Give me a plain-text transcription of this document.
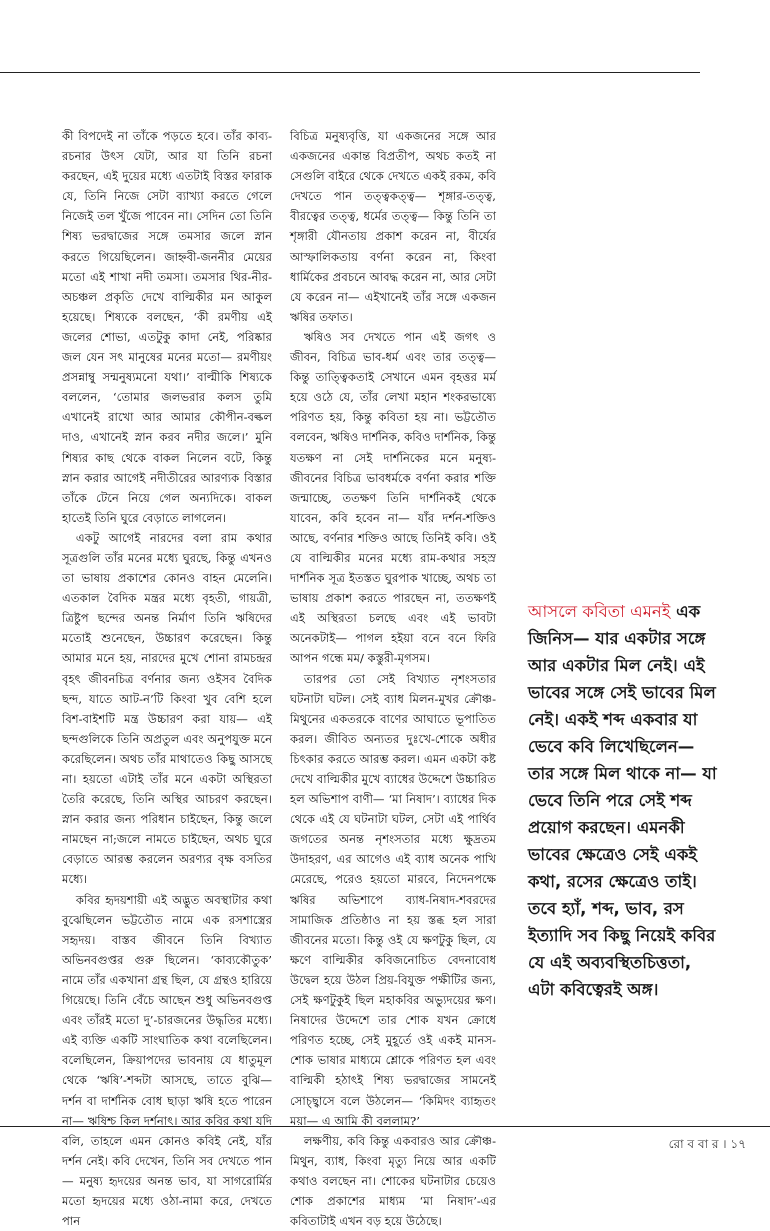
কী বিপদেই না তাঁকে পড়তে হবে। তাঁর কাব্য-রচনার উৎস যেটা, আর যা তিনি রচনা করছেন, এই দুয়ের মধ্যে এতটাই বিস্তর ফারাক যে, তিনি নিজে সেটা ব্যাখ্যা করতে গেলে নিজেই তল খুঁজে পাবেন না। সেদিন তো তিনি শিষ্য ভরদ্বাজের সঙ্গে তমসার জলে স্নান করতে গিয়েছিলেন। জাহ্নবী-জননীর মেয়ের মতো এই শাখা নদী তমসা। তমসার থির-নীর-অচঞ্চল প্রকৃতি দেখে বাল্মিকীর মন আকুল হয়েছে। শিষ্যকে বলছেন, ‘কী রমণীয় এই জলের শোভা, এতটুকু কাদা নেই, পরিষ্কার জল যেন সৎ মানুষের মনের মতো— রমণীয়ং প্রসন্নাম্বু সন্মনুষ্যমনো যথা।’ বাল্মীকি শিষ্যকে বললেন, ‘তোমার জলভরার কলস তুমি এখানেই রাখো আর আমার কৌপীন-বল্কল দাও, এখানেই স্নান করব নদীর জলে।’ মুনি শিষ্যর কাছ থেকে বাকল নিলেন বটে, কিন্তু স্নান করার আগেই নদীতীরের আরণ্যক বিস্তার তাঁকে টেনে নিয়ে গেল অন্যদিকে। বাকল হাতেই তিনি ঘুরে বেড়াতে লাগলেন।

একটু আগেই নারদের বলা রাম কথার সূত্রগুলি তাঁর মনের মধ্যে ঘুরছে, কিন্তু এখনও তা ভাষায় প্রকাশের কোনও বাহন মেলেনি। এতকাল বৈদিক মন্ত্রর মধ্যে বৃহতী, গায়ত্রী, ত্রিষ্টুপ ছন্দের অনন্ত নির্মাণ তিনি ঋষিদের মতোই শুনেছেন, উচ্চারণ করেছেন। কিন্তু আমার মনে হয়, নারদের মুখে শোনা রামচন্দ্রর বৃহৎ জীবনচিত্র বর্ণনার জন্য ওইসব বৈদিক ছন্দ, যাতে আট-ন’টি কিংবা খুব বেশি হলে বিশ-বাইশটি মন্ত্র উচ্চারণ করা যায়— এই ছন্দগুলিকে তিনি অপ্রতুল এবং অনুপযুক্ত মনে করেছিলেন। অথচ তাঁর মাথাতেও কিছু আসছে না। হয়তো এটাই তাঁর মনে একটা অস্থিরতা তৈরি করেছে, তিনি অস্থির আচরণ করছেন। স্নান করার জন্য পরিধান চাইছেন, কিন্তু জলে নামছেন না;জলে নামতে চাইছেন, অথচ ঘুরে বেড়াতে আরম্ভ করলেন অরণ্যর বৃক্ষ বসতির মধ্যে।

কবির হৃদয়শায়ী এই অদ্ভুত অবস্থাটার কথা বুঝেছিলেন ভট্টতৌত নামে এক রসশাস্ত্রের সহৃদয়। বাস্তব জীবনে তিনি বিখ্যাত অভিনবগুপ্তর গুরু ছিলেন। ‘কাব্যকৌতুক’ নামে তাঁর একখানা গ্রন্থ ছিল, যে গ্রন্থও হারিয়ে গিয়েছে। তিনি বেঁচে আছেন শুধু অভিনবগুপ্ত এবং তাঁরই মতো দু’-চারজনের উদ্ধৃতির মধ্যে। এই ব্যক্তি একটি সাংঘাতিক কথা বলেছিলেন। বলেছিলেন, ক্রিয়াপদের ভাবনায় যে ধাতুমূল থেকে ‘ঋষি’-শব্দটা আসছে, তাতে বুঝি— দর্শন বা দার্শনিক বোধ ছাড়া ঋষি হতে পারেন না— ঋষিশ্চ কিল দর্শনাৎ। আর কবির কথা যদি বলি, তাহলে এমন কোনও কবিই নেই, যাঁর দর্শন নেই। কবি দেখেন, তিনি সব দেখতে পান— মনুষ্য হৃদয়ের অনন্ত ভাব, যা সাগরোর্মির মতো হৃদয়ের মধ্যে ওঠা-নামা করে, দেখতে পান

বিচিত্র মনুষ্যবৃত্তি, যা একজনের সঙ্গে আর একজনের একান্ত বিপ্রতীপ, অথচ কতই না সেগুলি বাইরে থেকে দেখতে একই রকম, কবি দেখতে পান তত্ত্বকত্ত্ব— শৃঙ্গার-তত্ত্ব, বীরত্বের তত্ত্ব, ধর্মের তত্ত্ব— কিন্তু তিনি তা শৃঙ্গারী যৌনতায় প্রকাশ করেন না, বীর্যের আস্ফালিকতায় বর্ণনা করেন না, কিংবা ধার্মিকের প্রবচনে আবদ্ধ করেন না, আর সেটা যে করেন না— এইখানেই তাঁর সঙ্গে একজন ঋষির তফাত।

ঋষিও সব দেখতে পান এই জগৎ ও জীবন, বিচিত্র ভাব-ধর্ম এবং তার তত্ত্ব— কিন্তু তাত্ত্বিকতাই সেখানে এমন বৃহত্তর মর্ম হয়ে ওঠে যে, তাঁর লেখা মহান শংকরভাষ্যে পরিণত হয়, কিন্তু কবিতা হয় না। ভট্টতৌত বলবেন, ঋষিও দার্শনিক, কবিও দার্শনিক, কিন্তু যতক্ষণ না সেই দার্শনিকের মনে মনুষ্য-জীবনের বিচিত্র ভাবধর্মকে বর্ণনা করার শক্তি জন্মাচ্ছে, ততক্ষণ তিনি দার্শনিকই থেকে যাবেন, কবি হবেন না— যাঁর দর্শন-শক্তিও আছে, বর্ণনার শক্তিও আছে তিনিই কবি। ওই যে বাল্মিকীর মনের মধ্যে রাম-কথার সহস্র দার্শনিক সূত্র ইতস্তত ঘুরপাক খাচ্ছে, অথচ তা ভাষায় প্রকাশ করতে পারছেন না, ততক্ষণই এই অস্থিরতা চলছে এবং এই ভাবটা অনেকটাই— পাগল হইয়া বনে বনে ফিরি আপন গন্ধে মম/ কস্তুরী-মৃগসম।

তারপর তো সেই বিখ্যাত নৃশংসতার ঘটনাটা ঘটল। সেই ব্যাধ মিলন-মুখর ক্রৌঞ্চ-মিথুনের একতরকে বাণের আঘাতে ভূপাতিত করল। জীবিত অন্যতর দুঃখে-শোকে অধীর চিৎকার করতে আরম্ভ করল। এমন একটা কষ্ট দেখে বাল্মিকীর মুখে ব্যাধের উদ্দেশে উচ্চারিত হল অভিশাপ বাণী— ‘মা নিষাদ’। ব্যাধের দিক থেকে এই যে ঘটনাটা ঘটল, সেটা এই পার্থিব জগতের অনন্ত নৃশংসতার মধ্যে ক্ষুদ্রতম উদাহরণ, এর আগেও এই ব্যাধ অনেক পাখি মেরেছে, পরেও হয়তো মারবে, নিদেনপক্ষে ঋষির অভিশাপে ব্যাধ-নিষাদ-শবরদের সামাজিক প্রতিষ্ঠাও না হয় স্তব্ধ হল সারা জীবনের মতো। কিন্তু ওই যে ক্ষণটুকু ছিল, যে ক্ষণে বাল্মিকীর কবিজনোচিত বেদনাবোধ উদ্বেল হয়ে উঠল প্রিয়-বিযুক্ত পক্ষীটির জন্য, সেই ক্ষণটুকুই ছিল মহাকবির অভ্যুদয়ের ক্ষণ। নিষাদের উদ্দেশে তার শোক যখন ক্রোধে পরিণত হচ্ছে, সেই মুহূর্তে ওই একই মানস-শোক ভাষার মাধ্যমে শ্লোকে পরিণত হল এবং বাল্মিকী হঠাৎই শিষ্য ভরদ্বাজের সামনেই সোচ্ছ্বাসে বলে উঠলেন— ‘কিমিদং ব্যাহৃতং ময়া— এ আমি কী বললাম?’

লক্ষণীয়, কবি কিন্তু একবারও আর ক্রৌঞ্চ-মিথুন, ব্যাধ, কিংবা মৃত্যু নিয়ে আর একটি কথাও বলছেন না। শোকের ঘটনাটার চেয়েও শোক প্রকাশের মাধ্যম ‘মা নিষাদ’-এর কবিতাটাই এখন বড় হয়ে উঠেছে।

আসলে কবিতা এমনই এক জিনিস— যার একটার সঙ্গে আর একটার মিল নেই। এই ভাবের সঙ্গে সেই ভাবের মিল নেই। একই শব্দ একবার যা ভেবে কবি লিখেছিলেন— তার সঙ্গে মিল থাকে না— যা ভেবে তিনি পরে সেই শব্দ প্রয়োগ করছেন। এমনকী ভাবের ক্ষেত্রেও সেই একই কথা, রসের ক্ষেত্রেও তাই। তবে হ্যাঁ, শব্দ, ভাব, রস ইত্যাদি সব কিছু নিয়েই কবির যে এই অব্যবস্থিতচিত্ততা, এটা কবিত্বেরই অঙ্গ।
রো ব বা র । ১৭
